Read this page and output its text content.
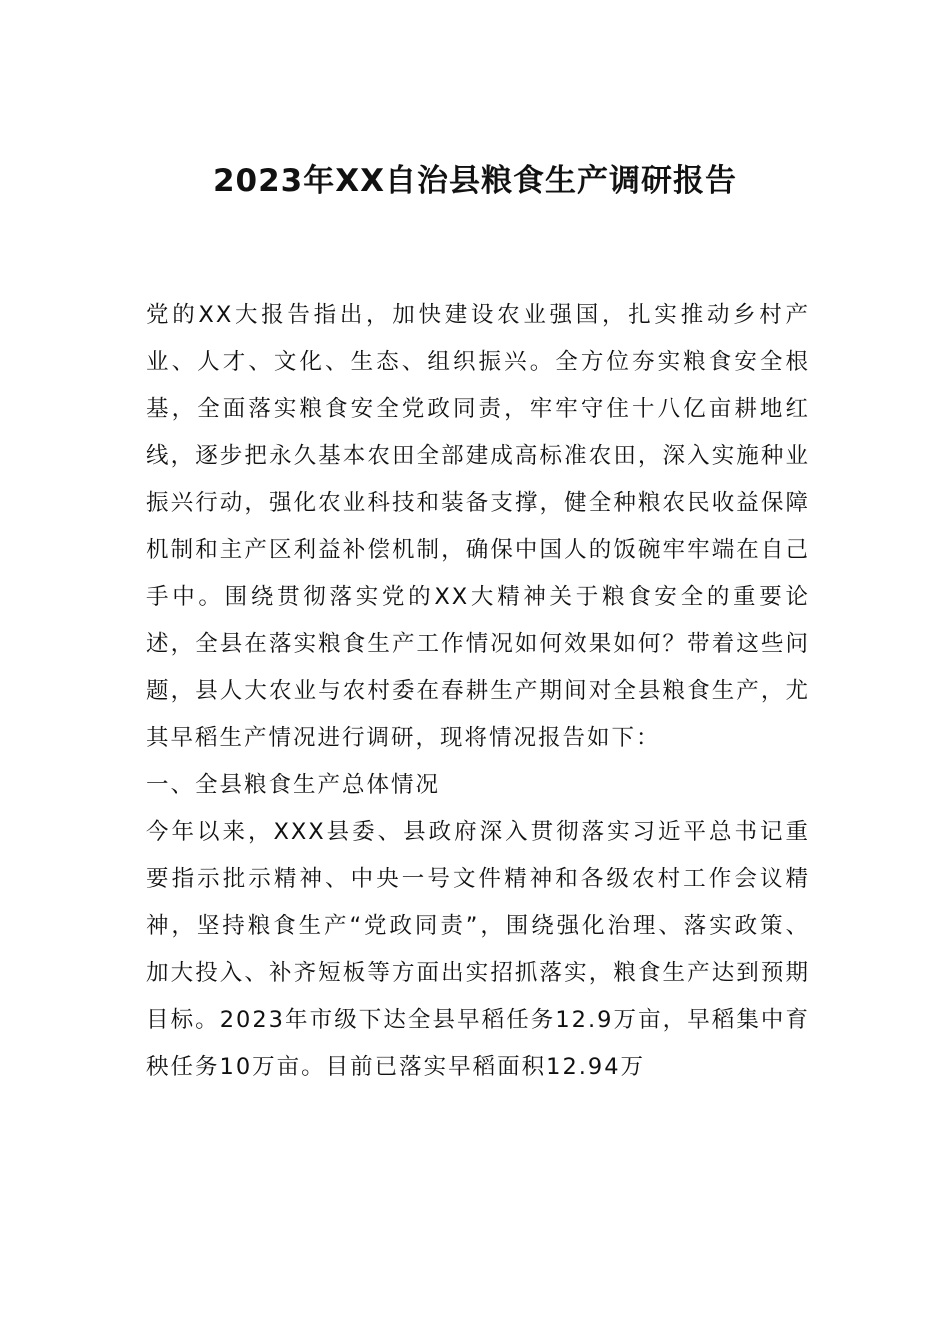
2023年XX自治县粮食生产调研报告

党的XX大报告指出，加快建设农业强国，扎实推动乡村产业、人才、文化、生态、组织振兴。全方位夯实粮食安全根基，全面落实粮食安全党政同责，牢牢守住十八亿亩耕地红线，逐步把永久基本农田全部建成高标准农田，深入实施种业振兴行动，强化农业科技和装备支撑，健全种粮农民收益保障机制和主产区利益补偿机制，确保中国人的饭碗牢牢端在自己手中。围绕贯彻落实党的XX大精神关于粮食安全的重要论述，全县在落实粮食生产工作情况如何效果如何？带着这些问题，县人大农业与农村委在春耕生产期间对全县粮食生产，尤其早稻生产情况进行调研，现将情况报告如下：

一、全县粮食生产总体情况

今年以来，XXX县委、县政府深入贯彻落实习近平总书记重要指示批示精神、中央一号文件精神和各级农村工作会议精神，坚持粮食生产“党政同责”，围绕强化治理、落实政策、加大投入、补齐短板等方面出实招抓落实，粮食生产达到预期目标。2023年市级下达全县早稻任务12.9万亩，早稻集中育秧任务10万亩。目前已落实早稻面积12.94万
